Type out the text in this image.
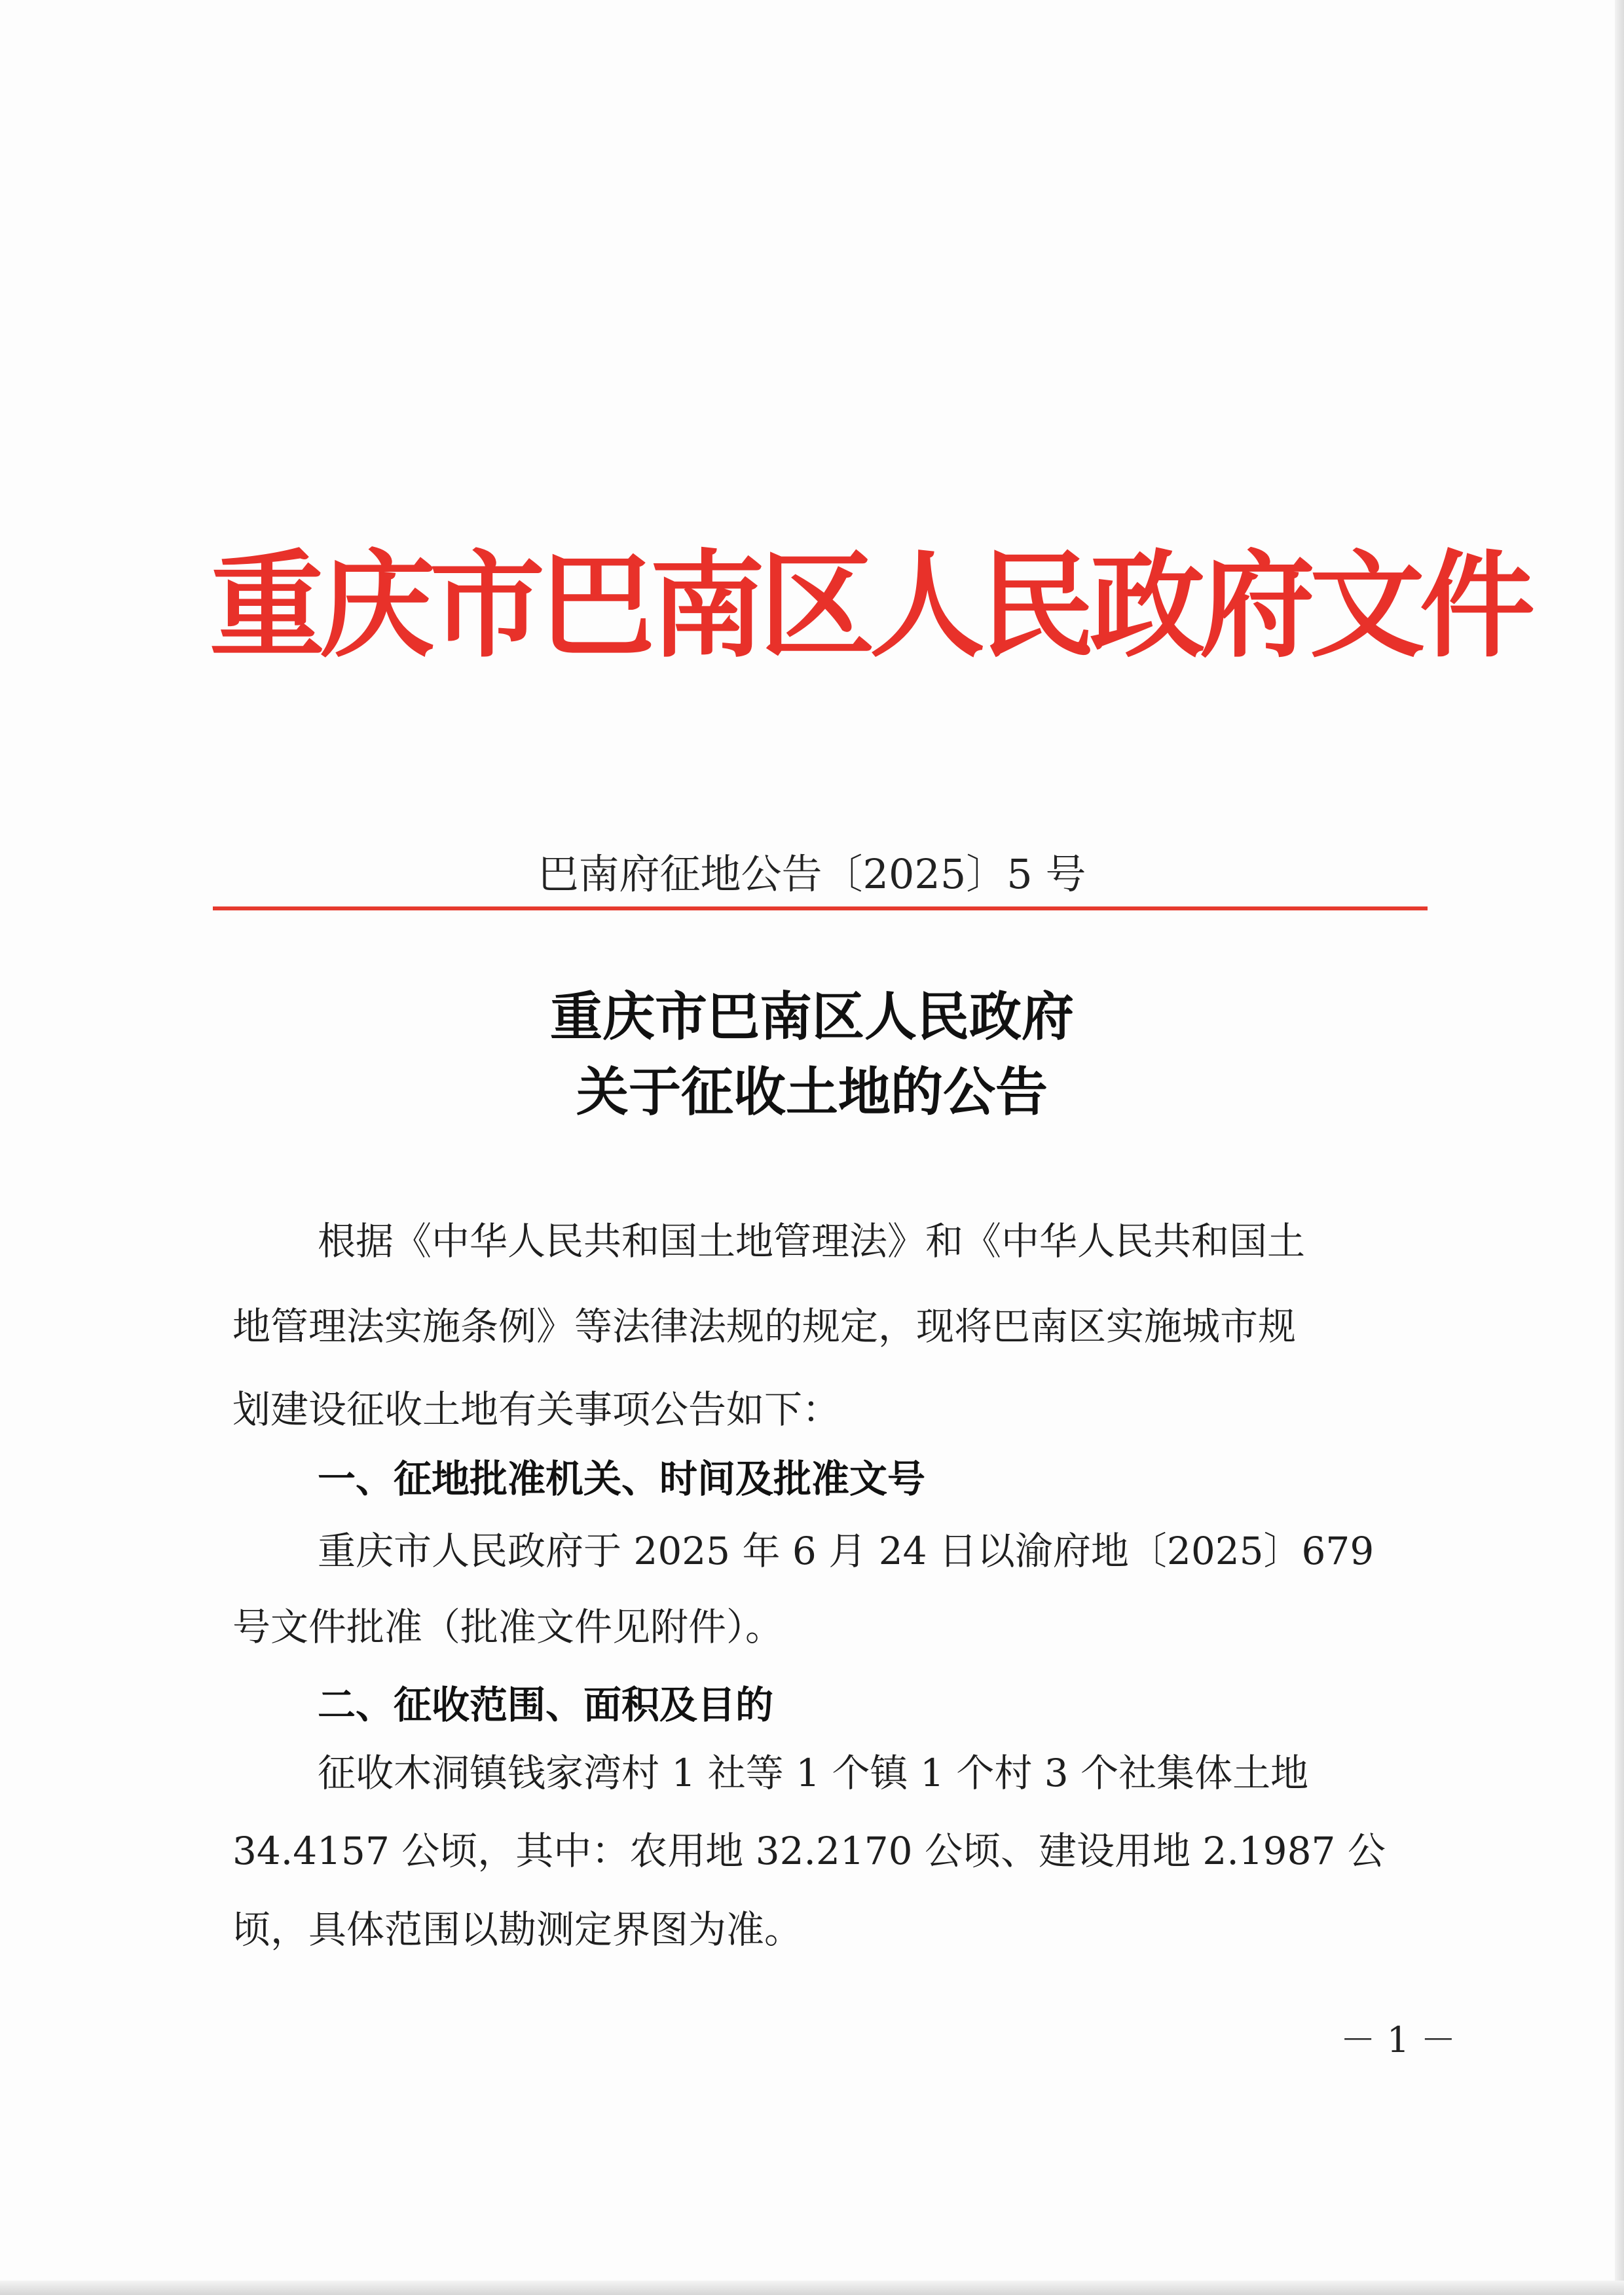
重庆市巴南区人民政府文件
巴南府征地公告〔2025〕5 号
重庆市巴南区人民政府
关于征收土地的公告

根据《中华人民共和国土地管理法》和《中华人民共和国土

地管理法实施条例》等法律法规的规定，现将巴南区实施城市规

划建设征收土地有关事项公告如下：

一、征地批准机关、时间及批准文号

重庆市人民政府于 2025 年 6 月 24 日以渝府地〔2025〕679

号文件批准（批准文件见附件）。

二、征收范围、面积及目的

征收木洞镇钱家湾村 1 社等 1 个镇 1 个村 3 个社集体土地

34.4157 公顷，其中：农用地 32.2170 公顷、建设用地 2.1987 公

顷，具体范围以勘测定界图为准。

－ 1 －
